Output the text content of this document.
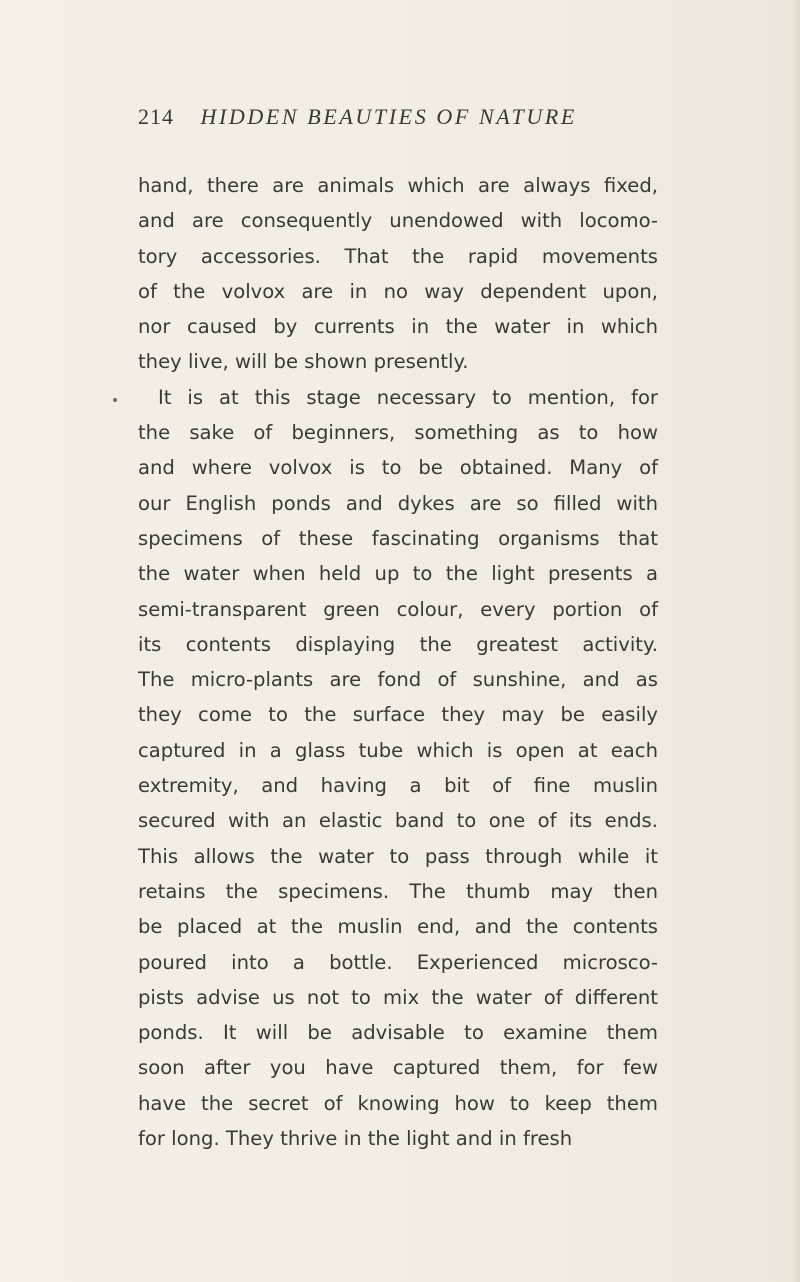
214 HIDDEN BEAUTIES OF NATURE
hand, there are animals which are always fixed,
and are consequently unendowed with locomo-
tory accessories. That the rapid movements
of the volvox are in no way dependent upon,
nor caused by currents in the water in which
they live, will be shown presently.
It is at this stage necessary to mention, for
the sake of beginners, something as to how
and where volvox is to be obtained. Many of
our English ponds and dykes are so filled with
specimens of these fascinating organisms that
the water when held up to the light presents a
semi-transparent green colour, every portion of
its contents displaying the greatest activity.
The micro-plants are fond of sunshine, and as
they come to the surface they may be easily
captured in a glass tube which is open at each
extremity, and having a bit of fine muslin
secured with an elastic band to one of its ends.
This allows the water to pass through while it
retains the specimens. The thumb may then
be placed at the muslin end, and the contents
poured into a bottle. Experienced microsco-
pists advise us not to mix the water of different
ponds. It will be advisable to examine them
soon after you have captured them, for few
have the secret of knowing how to keep them
for long. They thrive in the light and in fresh
